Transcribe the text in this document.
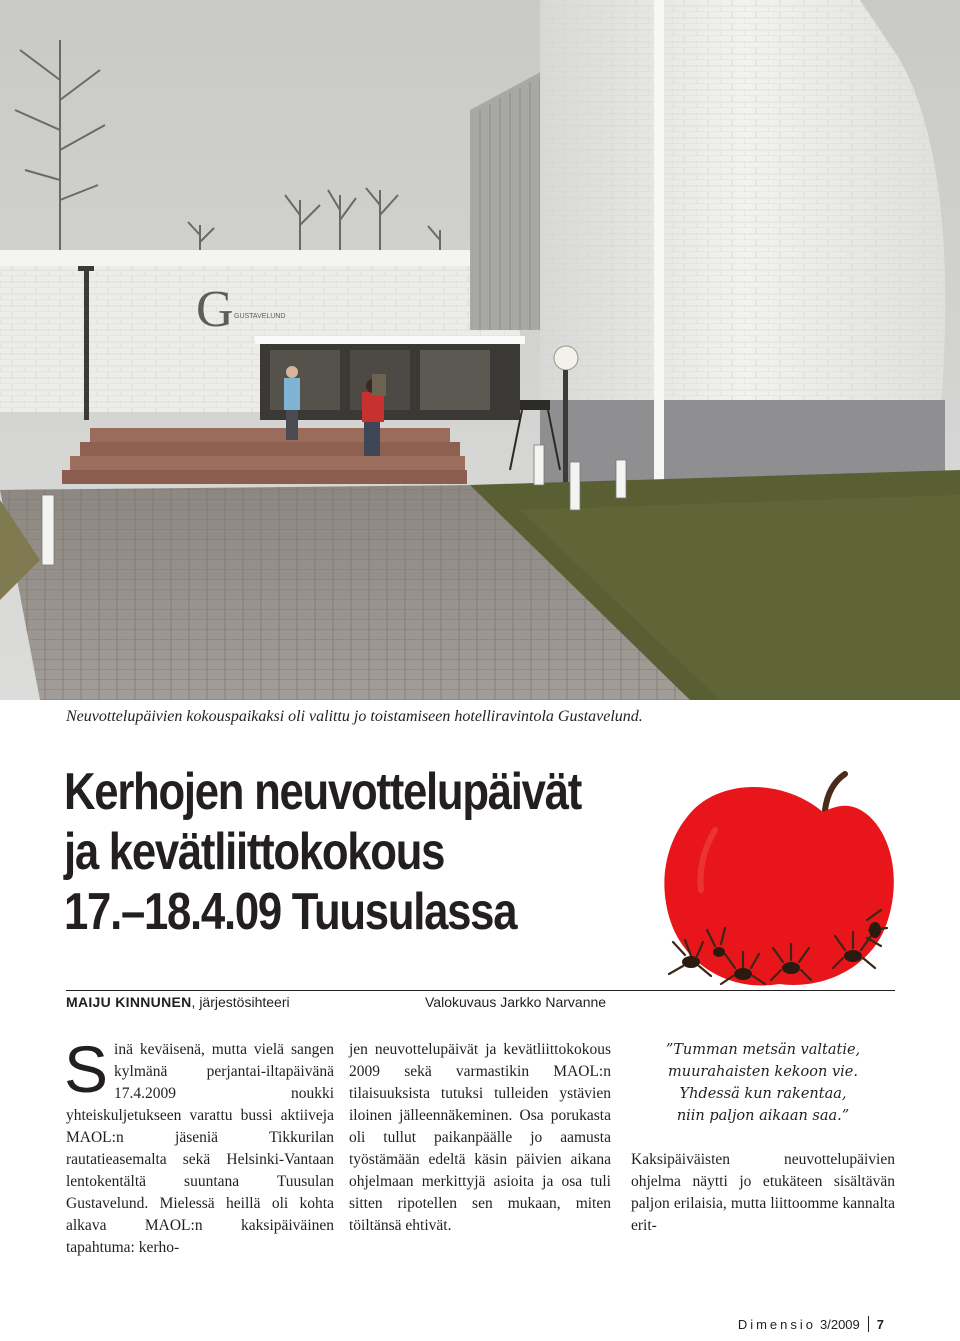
G GUSTAVELUND
Neuvottelupäivien kokouspaikaksi oli valittu jo toistamiseen hotelliravintola Gustavelund.
Kerhojen neuvottelupäivät
ja kevätliittokokous
17.–18.4.09 Tuusulassa
MAIJU KINNUNEN, järjestösihteeri	Valokuvaus Jarkko Narvanne
Sinä keväisenä, mutta vielä sangen kylmänä perjantai-iltapäivänä 17.4.2009 noukki yhteiskuljetukseen varattu bussi aktiiveja MAOL:n jäseniä Tikkurilan rautatieasemalta sekä Helsinki-Vantaan lentokentältä suuntana Tuusulan Gustavelund. Mielessä heillä oli kohta alkava MAOL:n kaksipäiväinen tapahtuma: kerho-
jen neuvottelupäivät ja kevätliittokokous 2009 sekä varmastikin MAOL:n tilaisuuksista tutuksi tulleiden ystävien iloinen jälleennäkeminen. Osa porukasta oli tullut paikanpäälle jo aamusta työstämään edeltä käsin päivien aikana ohjelmaan merkittyjä asioita ja osa tuli sitten ripotellen sen mukaan, miten töiltänsä ehtivät.
”Tumman metsän valtatie,
muurahaisten kekoon vie.
Yhdessä kun rakentaa,
niin paljon aikaan saa.”
Kaksipäiväisten neuvottelupäivien ohjelma näytti jo etukäteen sisältävän paljon erilaisia, mutta liittoomme kannalta erit-
Dimensio 3/2009 7
